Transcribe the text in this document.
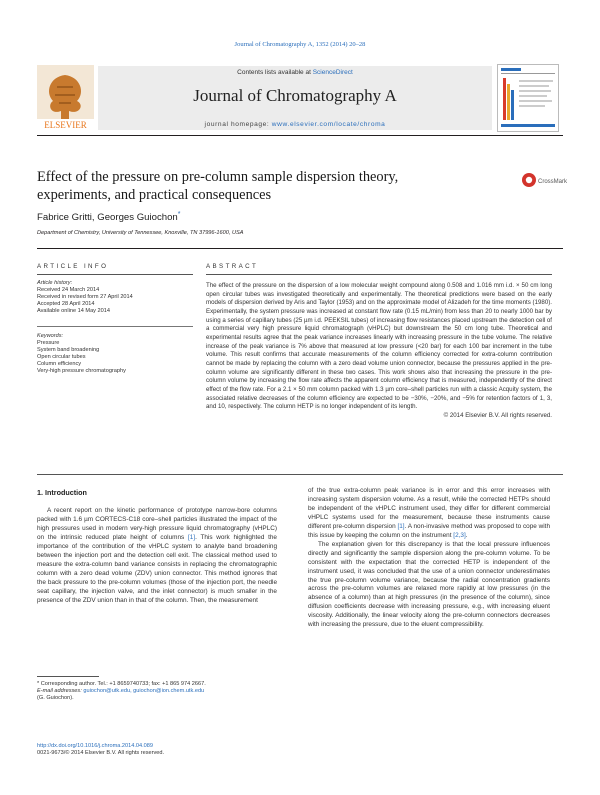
Journal of Chromatography A, 1352 (2014) 20–28
ELSEVIER
Contents lists available at ScienceDirect
Journal of Chromatography A
journal homepage: www.elsevier.com/locate/chroma
Effect of the pressure on pre-column sample dispersion theory,
experiments, and practical consequences
CrossMark
Fabrice Gritti, Georges Guiochon*
Department of Chemistry, University of Tennessee, Knoxville, TN 37996-1600, USA
ARTICLE INFO
Article history:
Received 24 March 2014
Received in revised form 27 April 2014
Accepted 28 April 2014
Available online 14 May 2014
Keywords:
Pressure
System band broadening
Open circular tubes
Column efficiency
Very-high pressure chromatography
ABSTRACT
The effect of the pressure on the dispersion of a low molecular weight compound along 0.508 and 1.016 mm i.d. × 50 cm long open circular tubes was investigated theoretically and experimentally. The theoretical predictions were based on the early models of dispersion derived by Aris and Taylor (1953) and on the approximate model of Alizadeh for the time moments (1980). Experimentally, the system pressure was increased at constant flow rate (0.15 mL/min) from less than 20 to nearly 1000 bar by using a series of capillary tubes (25 µm i.d. PEEKSIL tubes) of increasing flow resistances placed upstream the detection cell of a commercial very high pressure liquid chromatograph (vHPLC) but downstream the 50 cm long tube. Theoretical and experimental results agree that the peak variance increases linearly with increasing pressure in the tube volume. The relative increase of the peak variance is 7% above that measured at low pressure (<20 bar) for each 100 bar increment in the tube volume. This result confirms that accurate measurements of the column efficiency corrected for extra-column contribution cannot be made by replacing the column with a zero dead volume union connector, because the pressures applied in the pre-column volume are significantly different in these two cases. This work shows also that increasing the pressure in the pre-column volume by increasing the flow rate affects the apparent column efficiency that is measured, independently of the direct effect of the flow rate. For a 2.1 × 50 mm column packed with 1.3 µm core–shell particles run with a classic Acquity system, the associated relative decreases of the column efficiency are expected to be −30%, −20%, and −5% for retention factors of 1, 3, and 10, respectively. The column HETP is no longer independent of its length.
© 2014 Elsevier B.V. All rights reserved.
1. Introduction

A recent report on the kinetic performance of prototype narrow-bore columns packed with 1.6 µm CORTECS-C18 core–shell particles illustrated the impact of the high pressures used in modern very-high pressure liquid chromatography (vHPLC) on the intrinsic reduced plate height of columns [1]. This work highlighted the importance of the contribution of the vHPLC system to analyte band broadening between the injection port and the detection cell exit. The classical method used to measure the extra-column band variance consists in replacing the chromatographic column with a zero dead volume (ZDV) union connector. This method ignores that the back pressure to the pre-column volumes (those of the injection port, the needle seat capillary, the injection valve, and the inlet connector) is much smaller in the presence of the ZDV union than in that of the column. Then, the measurement

of the true extra-column peak variance is in error and this error increases with increasing system dispersion volume. As a result, while the corrected HETPs should be independent of the vHPLC instrument used, they differ for different commercial vHPLC systems used for the measurement, because these instruments cause different pre-column dispersion [1]. A non-invasive method was proposed to cope with this issue by keeping the column on the instrument [2,3].

The explanation given for this discrepancy is that the local pressure influences directly and significantly the sample dispersion along the pre-column volume. To be consistent with the expectation that the corrected HETP is independent of the instrument used, it was concluded that the use of a union connector underestimates the true pre-column volume variance, because the radial concentration gradients across the pre-column volumes are relaxed more rapidly at low pressures (in the absence of a column) than at high pressures (in the presence of the column), since diffusion coefficients decrease with increasing pressure, e.g., with increasing eluent viscosity. Additionally, the linear velocity along the pre-column connectors decreases with increasing the pressure, due to the eluent compressibility.

* Corresponding author. Tel.: +1 8659740733; fax: +1 865 974 2667.
E-mail addresses: guiochon@utk.edu, guiochon@ion.chem.utk.edu
(G. Guiochon).
http://dx.doi.org/10.1016/j.chroma.2014.04.089
0021-9673/© 2014 Elsevier B.V. All rights reserved.
